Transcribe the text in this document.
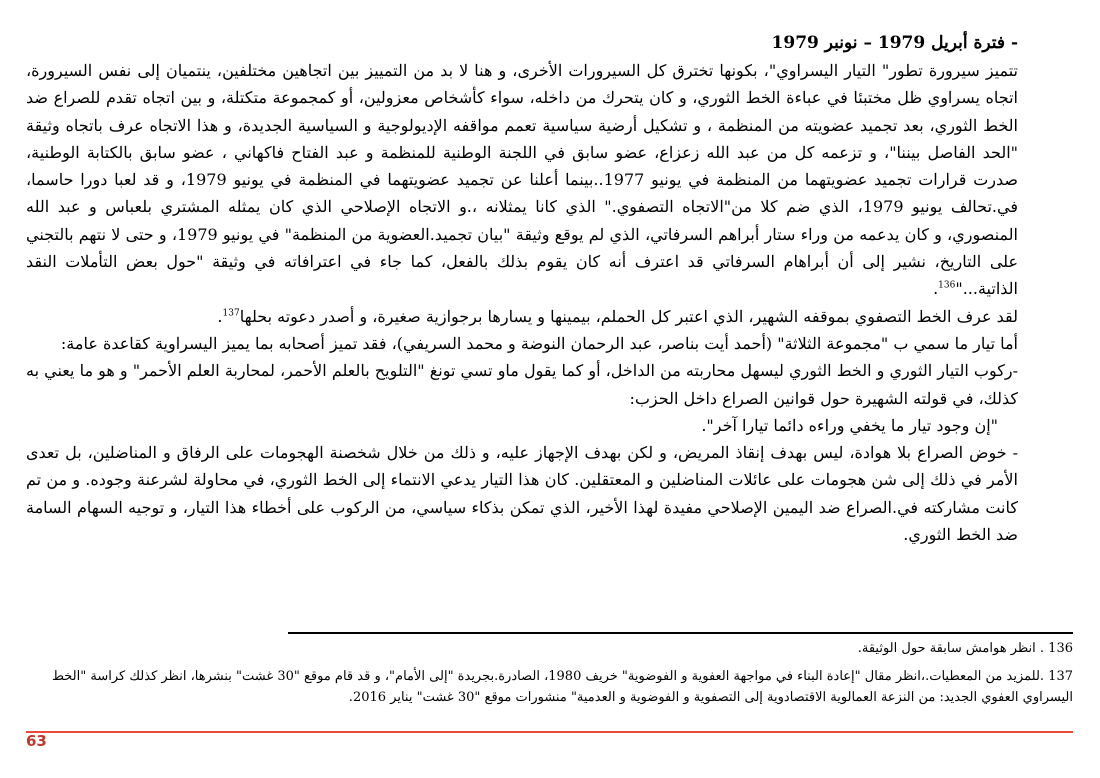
- فترة أبريل 1979 – نونبر 1979

تتميز سيرورة تطور" التيار اليسراوي"، بكونها تخترق كل السيرورات الأخرى، و هنا لا بد من التمييز بين اتجاهين مختلفين، ينتميان إلى نفس السيرورة، اتجاه يسراوي ظل مختبئا في عباءة الخط الثوري، و كان يتحرك من داخله، سواء كأشخاص معزولين، أو كمجموعة متكتلة، و بين اتجاه تقدم للصراع ضد الخط الثوري، بعد تجميد عضويته من المنظمة ، و تشكيل أرضية سياسية تعمم مواقفه الإديولوجية و السياسية الجديدة، و هذا الاتجاه عرف باتجاه وثيقة "الحد الفاصل بيننا"، و تزعمه كل من عبد الله زعزاع، عضو سابق في اللجنة الوطنية للمنظمة و عبد الفتاح فاكهاني ، عضو سابق بالكتابة الوطنية، صدرت قرارات تجميد عضويتهما من المنظمة في يونيو 1977..بينما أعلنا عن تجميد عضويتهما في المنظمة في يونيو 1979، و قد لعبا دورا حاسما، في.تحالف يونيو 1979، الذي ضم كلا من"الاتجاه التصفوي." الذي كانا يمثلانه ،.و الاتجاه الإصلاحي الذي كان يمثله المشتري بلعباس و عبد الله المنصوري، و كان يدعمه من وراء ستار أبراهم السرفاتي، الذي لم يوقع وثيقة "بيان تجميد.العضوية من المنظمة" في يونيو 1979، و حتى لا نتهم بالتجني على التاريخ، نشير إلى أن أبراهام السرفاتي قد اعترف أنه كان يقوم بذلك بالفعل، كما جاء في اعترافاته في وثيقة "حول بعض التأملات النقد الذاتية..."$^{136}$.

لقد عرف الخط التصفوي بموقفه الشهير، الذي اعتبر كل الحملم، بيمينها و يسارها برجوازية صغيرة، و أصدر دعوته بحلها$^{137}$.

أما تيار ما سمي ب "مجموعة الثلاثة" (أحمد أيت بناصر، عبد الرحمان النوضة و محمد السريفي)، فقد تميز أصحابه بما يميز اليسراوية كقاعدة عامة:

-ركوب التيار الثوري و الخط الثوري ليسهل محاربته من الداخل، أو كما يقول ماو تسي تونغ "التلويح بالعلم الأحمر، لمحاربة العلم الأحمر" و هو ما يعني به كذلك، في قولته الشهيرة حول قوانين الصراع داخل الحزب:

"إن وجود تيار ما يخفي وراءه دائما تيارا آخر".

- خوض الصراع بلا هوادة، ليس بهدف إنقاذ المريض، و لكن بهدف الإجهاز عليه، و ذلك من خلال شخصنة الهجومات على الرفاق و المناضلين، بل تعدى الأمر في ذلك إلى شن هجومات على عائلات المناضلين و المعتقلين. كان هذا التيار يدعي الانتماء إلى الخط الثوري، في محاولة لشرعنة وجوده. و من تم كانت مشاركته في.الصراع ضد اليمين الإصلاحي مفيدة لهذا الأخير، الذي تمكن بذكاء سياسي، من الركوب على أخطاء هذا التيار، و توجيه السهام السامة ضد الخط الثوري.

136 . انظر هوامش سابقة حول الوثيقة.

137 .للمزيد من المعطيات.،انظر مقال "إعادة البناء في مواجهة العفوية و الفوضوية" خريف 1980، الصادرة.بجريدة "إلى الأمام"، و قد قام موقع "30 غشت" بنشرها، انظر كذلك كراسة "الخط اليسراوي العفوي الجديد: من النزعة العمالوية الاقتصادوية إلى التصفوية و الفوضوية و العدمية" منشورات موقع "30 غشت" يناير 2016.

63
